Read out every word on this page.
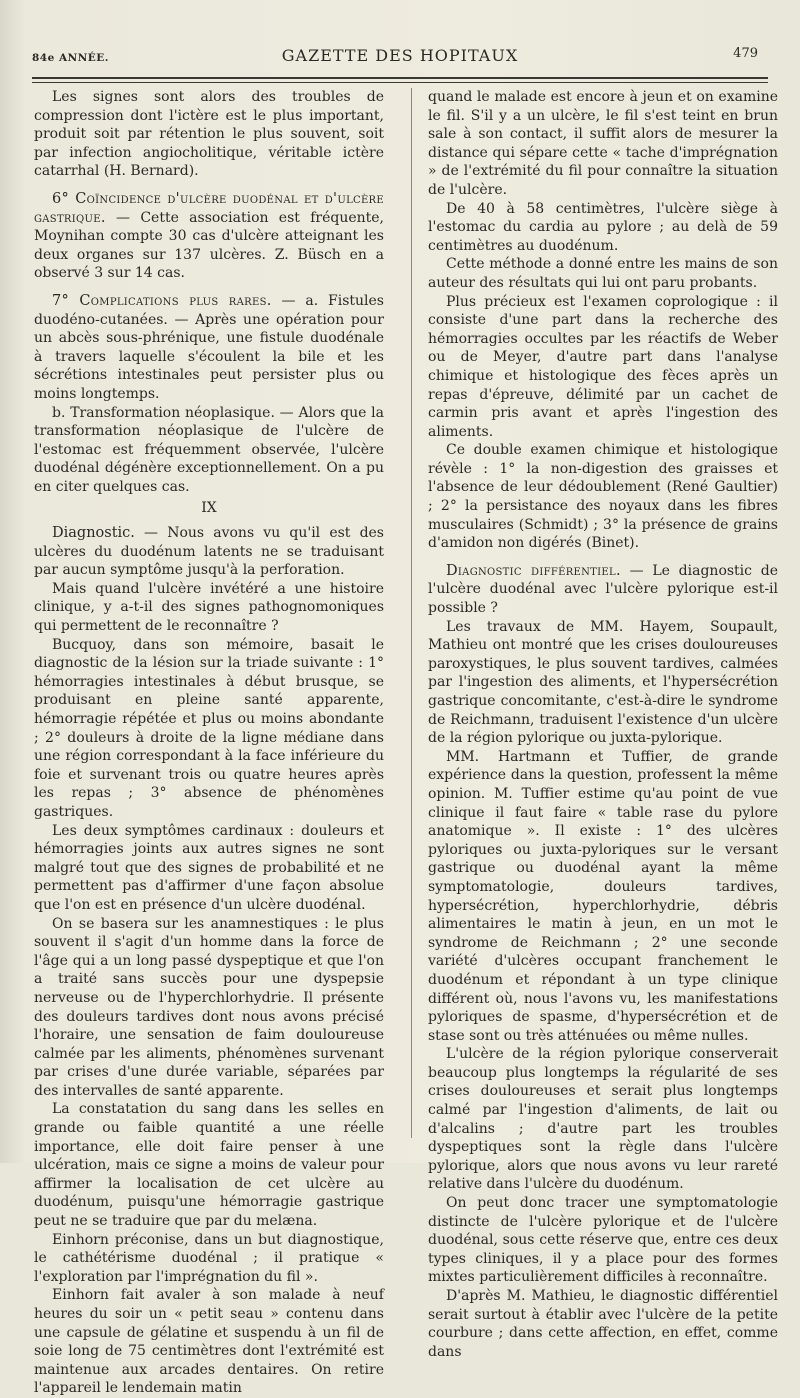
84e ANNÉE.	GAZETTE DES HOPITAUX	479

Les signes sont alors des troubles de compression dont l'ictère est le plus important, produit soit par rétention le plus souvent, soit par infection angiocholitique, véritable ictère catarrhal (H. Bernard).

6° Coïncidence d'ulcère duodénal et d'ulcère gastrique. — Cette association est fréquente, Moynihan compte 30 cas d'ulcère atteignant les deux organes sur 137 ulcères. Z. Büsch en a observé 3 sur 14 cas.

7° Complications plus rares. — a. Fistules duodéno-cutanées. — Après une opération pour un abcès sous-phrénique, une fistule duodénale à travers laquelle s'écoulent la bile et les sécrétions intestinales peut persister plus ou moins longtemps.

b. Transformation néoplasique. — Alors que la transformation néoplasique de l'ulcère de l'estomac est fréquemment observée, l'ulcère duodénal dégénère exceptionnellement. On a pu en citer quelques cas.

IX

Diagnostic. — Nous avons vu qu'il est des ulcères du duodénum latents ne se traduisant par aucun symptôme jusqu'à la perforation.

Mais quand l'ulcère invétéré a une histoire clinique, y a-t-il des signes pathognomoniques qui permettent de le reconnaître ?

Bucquoy, dans son mémoire, basait le diagnostic de la lésion sur la triade suivante : 1° hémorragies intestinales à début brusque, se produisant en pleine santé apparente, hémorragie répétée et plus ou moins abondante ; 2° douleurs à droite de la ligne médiane dans une région correspondant à la face inférieure du foie et survenant trois ou quatre heures après les repas ; 3° absence de phénomènes gastriques.

Les deux symptômes cardinaux : douleurs et hémorragies joints aux autres signes ne sont malgré tout que des signes de probabilité et ne permettent pas d'affirmer d'une façon absolue que l'on est en présence d'un ulcère duodénal.

On se basera sur les anamnestiques : le plus souvent il s'agit d'un homme dans la force de l'âge qui a un long passé dyspeptique et que l'on a traité sans succès pour une dyspepsie nerveuse ou de l'hyperchlorhydrie. Il présente des douleurs tardives dont nous avons précisé l'horaire, une sensation de faim douloureuse calmée par les aliments, phénomènes survenant par crises d'une durée variable, séparées par des intervalles de santé apparente.

La constatation du sang dans les selles en grande ou faible quantité a une réelle importance, elle doit faire penser à une ulcération, mais ce signe a moins de valeur pour affirmer la localisation de cet ulcère au duodénum, puisqu'une hémorragie gastrique peut ne se traduire que par du melæna.

Einhorn préconise, dans un but diagnostique, le cathétérisme duodénal ; il pratique « l'exploration par l'imprégnation du fil ».

Einhorn fait avaler à son malade à neuf heures du soir un « petit seau » contenu dans une capsule de gélatine et suspendu à un fil de soie long de 75 centimètres dont l'extrémité est maintenue aux arcades dentaires. On retire l'appareil le lendemain matin

quand le malade est encore à jeun et on examine le fil. S'il y a un ulcère, le fil s'est teint en brun sale à son contact, il suffit alors de mesurer la distance qui sépare cette « tache d'imprégnation » de l'extrémité du fil pour connaître la situation de l'ulcère.

De 40 à 58 centimètres, l'ulcère siège à l'estomac du cardia au pylore ; au delà de 59 centimètres au duodénum.

Cette méthode a donné entre les mains de son auteur des résultats qui lui ont paru probants.

Plus précieux est l'examen coprologique : il consiste d'une part dans la recherche des hémorragies occultes par les réactifs de Weber ou de Meyer, d'autre part dans l'analyse chimique et histologique des fèces après un repas d'épreuve, délimité par un cachet de carmin pris avant et après l'ingestion des aliments.

Ce double examen chimique et histologique révèle : 1° la non-digestion des graisses et l'absence de leur dédoublement (René Gaultier) ; 2° la persistance des noyaux dans les fibres musculaires (Schmidt) ; 3° la présence de grains d'amidon non digérés (Binet).

Diagnostic différentiel. — Le diagnostic de l'ulcère duodénal avec l'ulcère pylorique est-il possible ?

Les travaux de MM. Hayem, Soupault, Mathieu ont montré que les crises douloureuses paroxystiques, le plus souvent tardives, calmées par l'ingestion des aliments, et l'hypersécrétion gastrique concomitante, c'est-à-dire le syndrome de Reichmann, traduisent l'existence d'un ulcère de la région pylorique ou juxta-pylorique.

MM. Hartmann et Tuffier, de grande expérience dans la question, professent la même opinion. M. Tuffier estime qu'au point de vue clinique il faut faire « table rase du pylore anatomique ». Il existe : 1° des ulcères pyloriques ou juxta-pyloriques sur le versant gastrique ou duodénal ayant la même symptomatologie, douleurs tardives, hypersécrétion, hyperchlorhydrie, débris alimentaires le matin à jeun, en un mot le syndrome de Reichmann ; 2° une seconde variété d'ulcères occupant franchement le duodénum et répondant à un type clinique différent où, nous l'avons vu, les manifestations pyloriques de spasme, d'hypersécrétion et de stase sont ou très atténuées ou même nulles.

L'ulcère de la région pylorique conserverait beaucoup plus longtemps la régularité de ses crises douloureuses et serait plus longtemps calmé par l'ingestion d'aliments, de lait ou d'alcalins ; d'autre part les troubles dyspeptiques sont la règle dans l'ulcère pylorique, alors que nous avons vu leur rareté relative dans l'ulcère du duodénum.

On peut donc tracer une symptomatologie distincte de l'ulcère pylorique et de l'ulcère duodénal, sous cette réserve que, entre ces deux types cliniques, il y a place pour des formes mixtes particulièrement difficiles à reconnaître.

D'après M. Mathieu, le diagnostic différentiel serait surtout à établir avec l'ulcère de la petite courbure ; dans cette affection, en effet, comme dans
